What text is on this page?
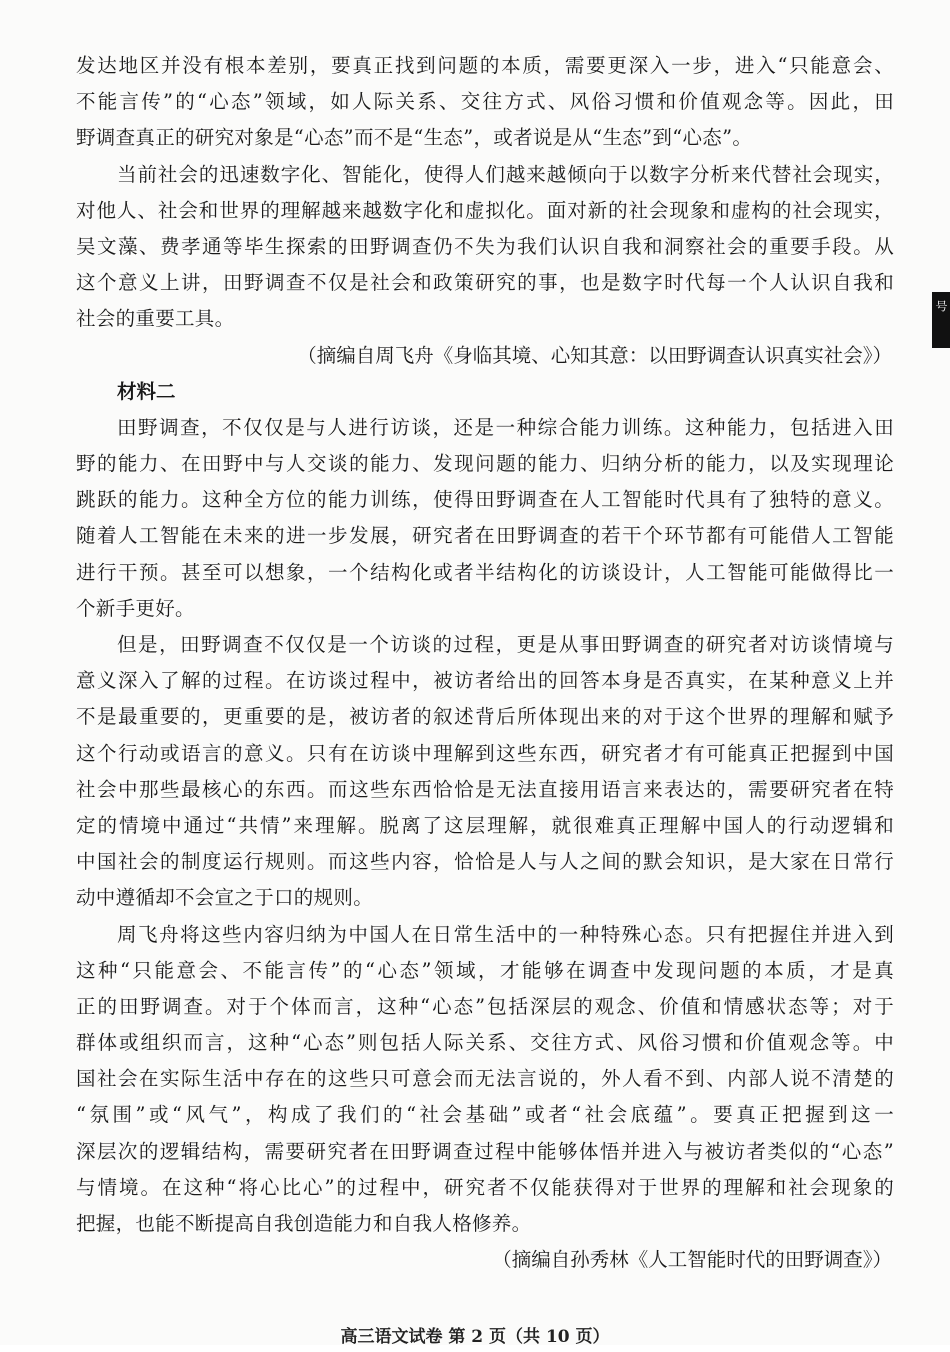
发达地区并没有根本差别，要真正找到问题的本质，需要更深入一步，进入“只能意会、
不能言传”的“心态”领域，如人际关系、交往方式、风俗习惯和价值观念等。因此，田
野调查真正的研究对象是“心态”而不是“生态”，或者说是从“生态”到“心态”。
当前社会的迅速数字化、智能化，使得人们越来越倾向于以数字分析来代替社会现实，
对他人、社会和世界的理解越来越数字化和虚拟化。面对新的社会现象和虚构的社会现实，
吴文藻、费孝通等毕生探索的田野调查仍不失为我们认识自我和洞察社会的重要手段。从
这个意义上讲，田野调查不仅是社会和政策研究的事，也是数字时代每一个人认识自我和
社会的重要工具。
（摘编自周飞舟《身临其境、心知其意：以田野调查认识真实社会》）
材料二
田野调查，不仅仅是与人进行访谈，还是一种综合能力训练。这种能力，包括进入田
野的能力、在田野中与人交谈的能力、发现问题的能力、归纳分析的能力，以及实现理论
跳跃的能力。这种全方位的能力训练，使得田野调查在人工智能时代具有了独特的意义。
随着人工智能在未来的进一步发展，研究者在田野调查的若干个环节都有可能借人工智能
进行干预。甚至可以想象，一个结构化或者半结构化的访谈设计，人工智能可能做得比一
个新手更好。
但是，田野调查不仅仅是一个访谈的过程，更是从事田野调查的研究者对访谈情境与
意义深入了解的过程。在访谈过程中，被访者给出的回答本身是否真实，在某种意义上并
不是最重要的，更重要的是，被访者的叙述背后所体现出来的对于这个世界的理解和赋予
这个行动或语言的意义。只有在访谈中理解到这些东西，研究者才有可能真正把握到中国
社会中那些最核心的东西。而这些东西恰恰是无法直接用语言来表达的，需要研究者在特
定的情境中通过“共情”来理解。脱离了这层理解，就很难真正理解中国人的行动逻辑和
中国社会的制度运行规则。而这些内容，恰恰是人与人之间的默会知识，是大家在日常行
动中遵循却不会宣之于口的规则。
周飞舟将这些内容归纳为中国人在日常生活中的一种特殊心态。只有把握住并进入到
这种“只能意会、不能言传”的“心态”领域，才能够在调查中发现问题的本质，才是真
正的田野调查。对于个体而言，这种“心态”包括深层的观念、价值和情感状态等；对于
群体或组织而言，这种“心态”则包括人际关系、交往方式、风俗习惯和价值观念等。中
国社会在实际生活中存在的这些只可意会而无法言说的，外人看不到、内部人说不清楚的
“氛围”或“风气”，构成了我们的“社会基础”或者“社会底蕴”。要真正把握到这一
深层次的逻辑结构，需要研究者在田野调查过程中能够体悟并进入与被访者类似的“心态”
与情境。在这种“将心比心”的过程中，研究者不仅能获得对于世界的理解和社会现象的
把握，也能不断提高自我创造能力和自我人格修养。
（摘编自孙秀林《人工智能时代的田野调查》）
高三语文试卷 第 2 页（共 10 页）
号
